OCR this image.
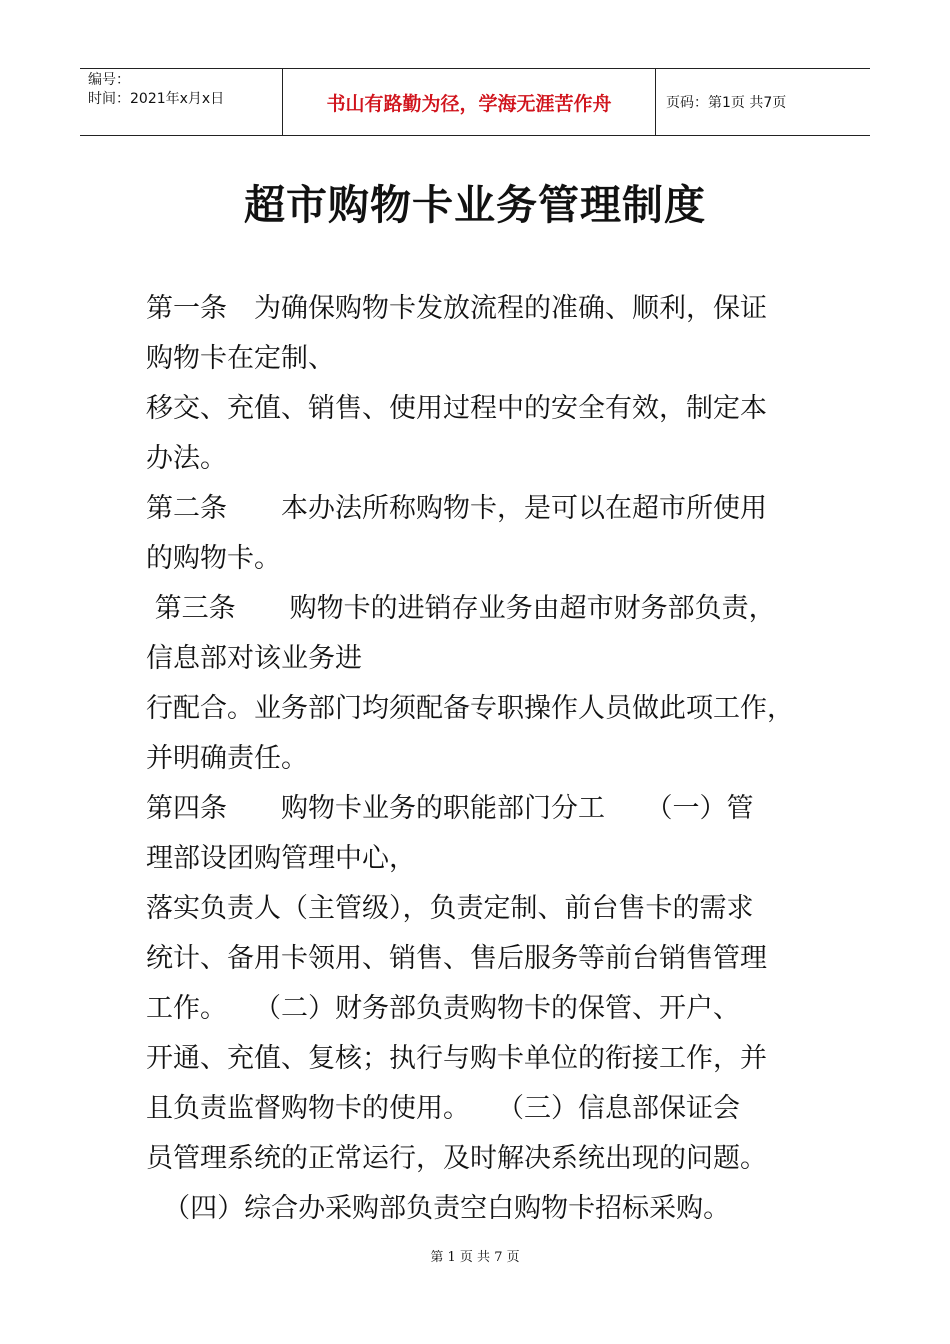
编号：
时间：2021年x月x日	书山有路勤为径，学海无涯苦作舟	页码：第1页 共7页
超市购物卡业务管理制度
第一条　为确保购物卡发放流程的准确、顺利，保证
购物卡在定制、
移交、充值、销售、使用过程中的安全有效，制定本
办法。
第二条　　本办法所称购物卡，是可以在超市所使用
的购物卡。
第三条　　购物卡的进销存业务由超市财务部负责，
信息部对该业务进
行配合。业务部门均须配备专职操作人员做此项工作，
并明确责任。
第四条　　购物卡业务的职能部门分工　　（一）管
理部设团购管理中心，
落实负责人（主管级），负责定制、前台售卡的需求
统计、备用卡领用、销售、售后服务等前台销售管理
工作。　　（二）财务部负责购物卡的保管、开户、
开通、充值、复核；执行与购卡单位的衔接工作，并
且负责监督购物卡的使用。　　（三）信息部保证会
员管理系统的正常运行，及时解决系统出现的问题。
（四）综合办采购部负责空白购物卡招标采购。
第 1 页 共 7 页
